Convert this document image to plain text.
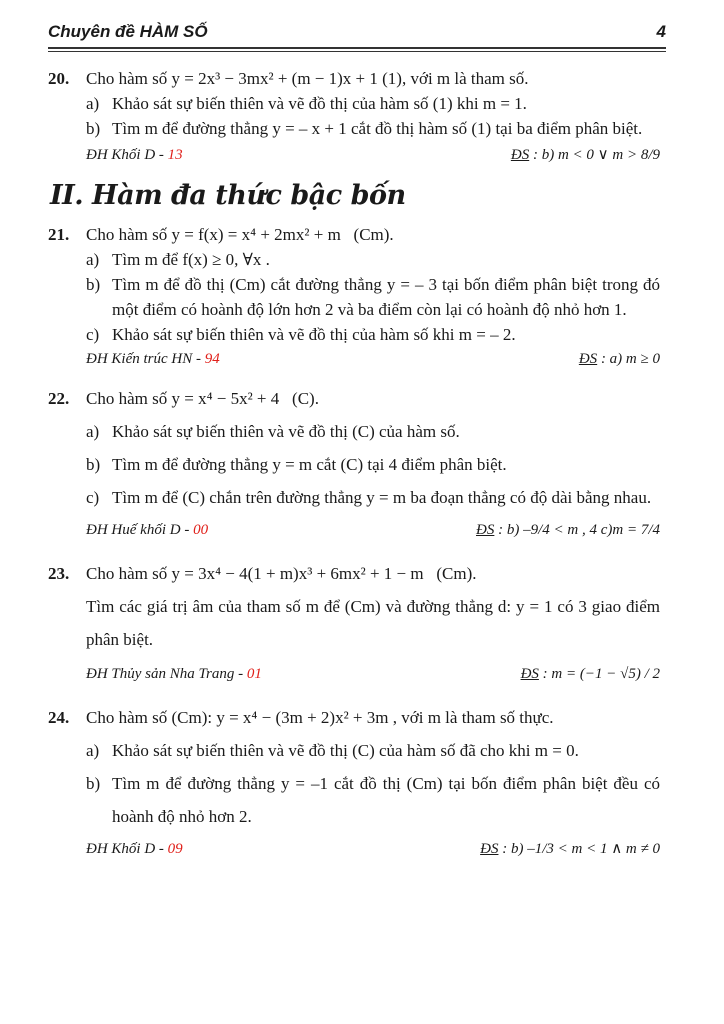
Chuyên đề HÀM SỐ	4
20. Cho hàm số y = 2x³ − 3mx² + (m − 1)x + 1 (1), với m là tham số.
a) Khảo sát sự biến thiên và vẽ đồ thị của hàm số (1) khi m = 1.
b) Tìm m để đường thẳng y = – x + 1 cắt đồ thị hàm số (1) tại ba điểm phân biệt.
ĐH Khối D - 13	ĐS : b) m < 0 ∨ m > 8/9
II. Hàm đa thức bậc bốn
21. Cho hàm số y = f(x) = x⁴ + 2mx² + m (Cm).
a) Tìm m để f(x) ≥ 0, ∀x .
b) Tìm m để đồ thị (Cm) cắt đường thẳng y = – 3 tại bốn điểm phân biệt trong đó một điểm có hoành độ lớn hơn 2 và ba điểm còn lại có hoành độ nhỏ hơn 1.
c) Khảo sát sự biến thiên và vẽ đồ thị của hàm số khi m = – 2.
ĐH Kiến trúc HN - 94	ĐS : a) m ≥ 0
22. Cho hàm số y = x⁴ − 5x² + 4 (C).
a) Khảo sát sự biến thiên và vẽ đồ thị (C) của hàm số.
b) Tìm m để đường thẳng y = m cắt (C) tại 4 điểm phân biệt.
c) Tìm m để (C) chắn trên đường thẳng y = m ba đoạn thẳng có độ dài bằng nhau.
ĐH Huế khối D - 00	ĐS : b) –9/4 < m , 4 c)m = 7/4
23. Cho hàm số y = 3x⁴ − 4(1 + m)x³ + 6mx² + 1 − m (Cm).
Tìm các giá trị âm của tham số m để (Cm) và đường thẳng d: y = 1 có 3 giao điểm phân biệt.
ĐH Thủy sản Nha Trang - 01	ĐS : m = (−1 − √5) / 2
24. Cho hàm số (Cm): y = x⁴ − (3m + 2)x² + 3m , với m là tham số thực.
a) Khảo sát sự biến thiên và vẽ đồ thị (C) của hàm số đã cho khi m = 0.
b) Tìm m để đường thẳng y = –1 cắt đồ thị (Cm) tại bốn điểm phân biệt đều có hoành độ nhỏ hơn 2.
ĐH Khối D - 09	ĐS : b) –1/3 < m < 1 ∧ m ≠ 0
